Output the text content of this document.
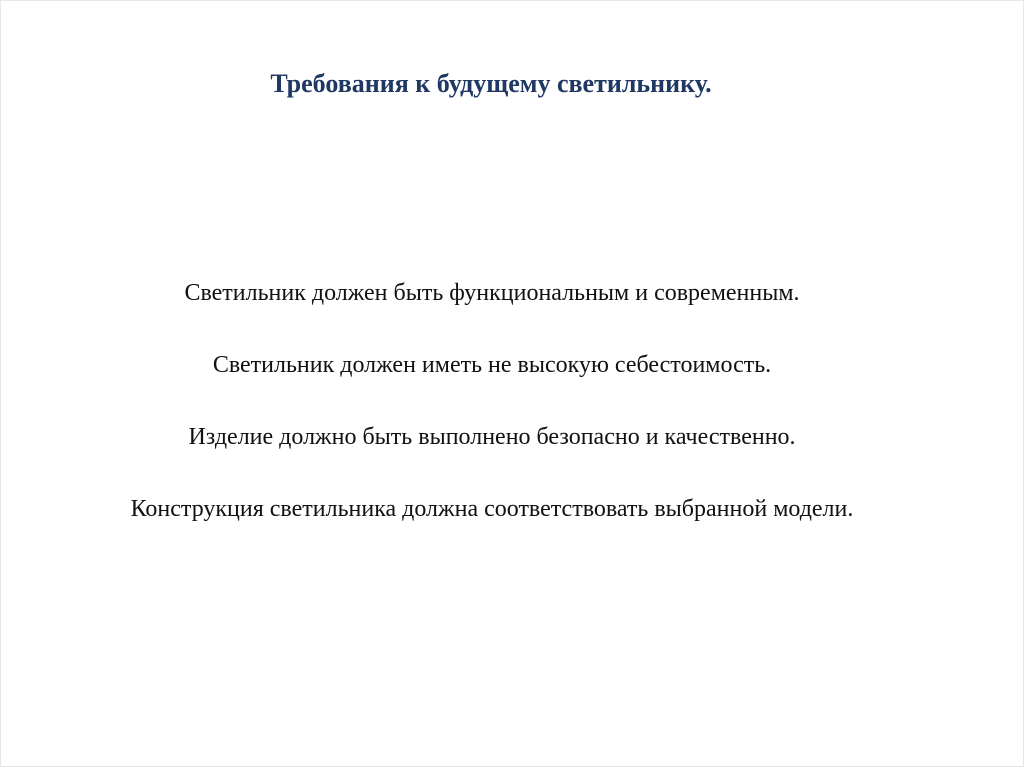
Требования к будущему светильнику.
Светильник должен быть функциональным и современным.
Светильник должен иметь не высокую себестоимость.
Изделие должно быть выполнено безопасно и качественно.
Конструкция светильника должна соответствовать выбранной модели.
